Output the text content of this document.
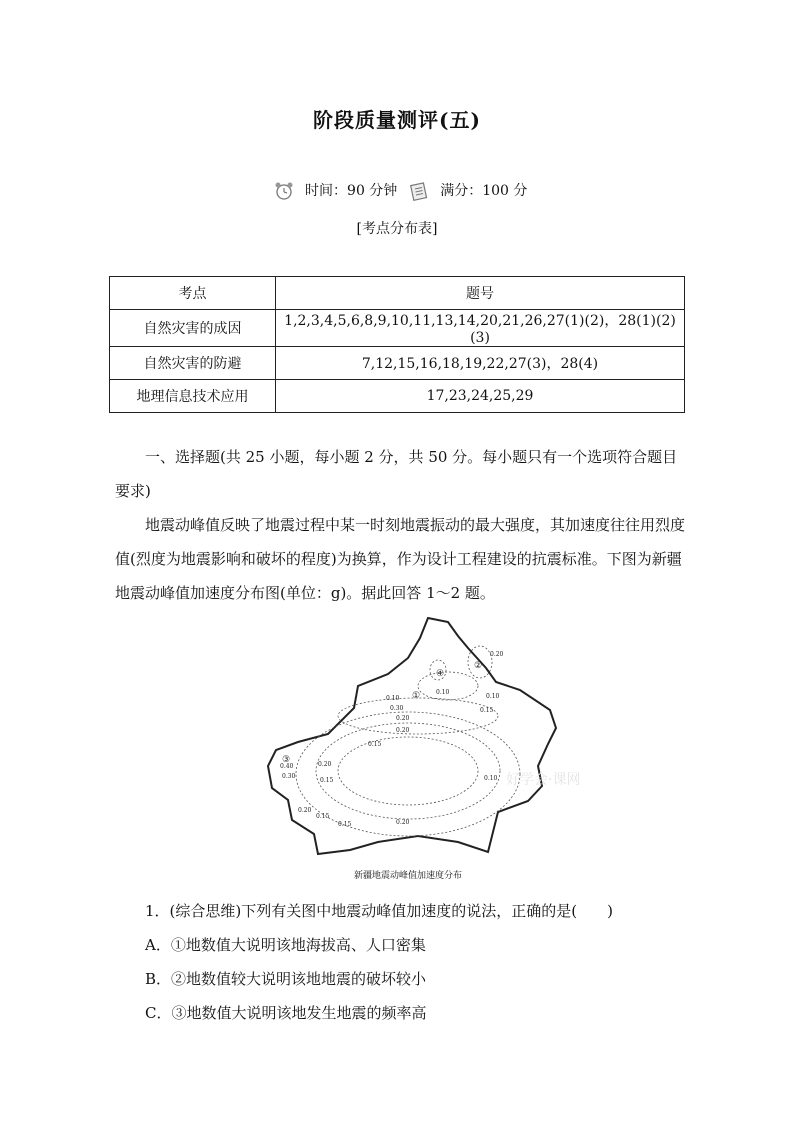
阶段质量测评(五)
时间：90 分钟	满分：100 分
[考点分布表]
考点	题号
自然灾害的成因	1,2,3,4,5,6,8,9,10,11,13,14,20,21,26,27(1)(2)，28(1)(2)(3)
自然灾害的防避	7,12,15,16,18,19,22,27(3)，28(4)
地理信息技术应用	17,23,24,25,29
一、选择题(共 25 小题，每小题 2 分，共 50 分。每小题只有一个选项符合题目要求)
地震动峰值反映了地震过程中某一时刻地震振动的最大强度，其加速度往往用烈度值(烈度为地震影响和破坏的程度)为换算，作为设计工程建设的抗震标准。下图为新疆地震动峰值加速度分布图(单位：g)。据此回答 1～2 题。
0.20
0.10
0.10
0.15
0.30
0.20
0.20
0.15
0.20
0.40
0.30
0.15	0.10
0.20
0.15
0.15	0.20
0.10 ①
②
③
④
好学会·课网
新疆地震动峰值加速度分布
1．(综合思维)下列有关图中地震动峰值加速度的说法，正确的是(　　)
A．①地数值大说明该地海拔高、人口密集
B．②地数值较大说明该地地震的破坏较小
C．③地数值大说明该地发生地震的频率高
